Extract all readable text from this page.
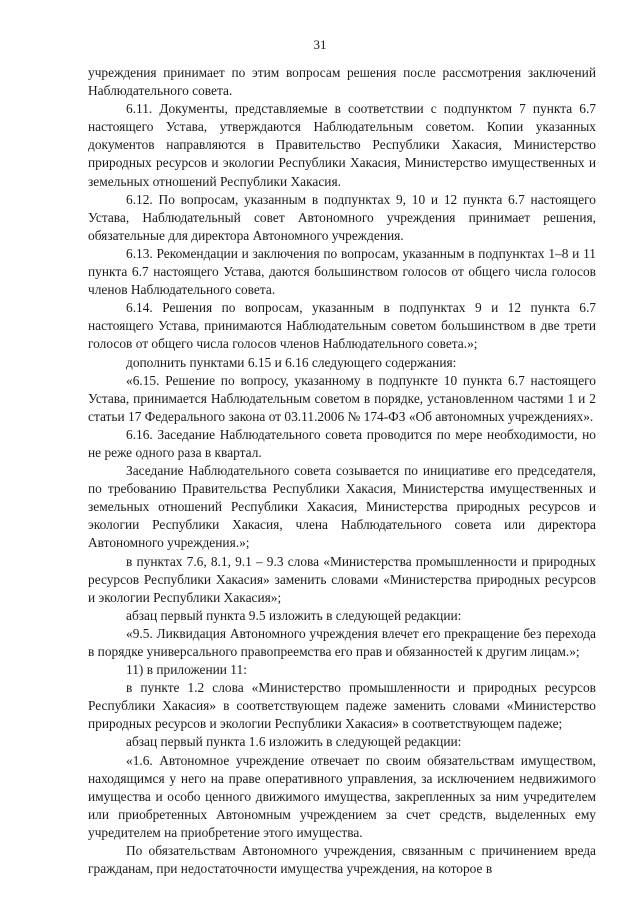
31

учреждения принимает по этим вопросам решения после рассмотрения заключений Наблюдательного совета.

6.11. Документы, представляемые в соответствии с подпунктом 7 пункта 6.7 настоящего Устава, утверждаются Наблюдательным советом. Копии указанных документов направляются в Правительство Республики Хакасия, Министерство природных ресурсов и экологии Республики Хакасия, Министерство имущественных и земельных отношений Республики Хакасия.

6.12. По вопросам, указанным в подпунктах 9, 10 и 12 пункта 6.7 настоящего Устава, Наблюдательный совет Автономного учреждения принимает решения, обязательные для директора Автономного учреждения.

6.13. Рекомендации и заключения по вопросам, указанным в подпунктах 1–8 и 11 пункта 6.7 настоящего Устава, даются большинством голосов от общего числа голосов членов Наблюдательного совета.

6.14. Решения по вопросам, указанным в подпунктах 9 и 12 пункта 6.7 настоящего Устава, принимаются Наблюдательным советом большинством в две трети голосов от общего числа голосов членов Наблюдательного совета.»;

дополнить пунктами 6.15 и 6.16 следующего содержания:

«6.15. Решение по вопросу, указанному в подпункте 10 пункта 6.7 настоящего Устава, принимается Наблюдательным советом в порядке, установленном частями 1 и 2 статьи 17 Федерального закона от 03.11.2006 № 174-ФЗ «Об автономных учреждениях».

6.16. Заседание Наблюдательного совета проводится по мере необходимости, но не реже одного раза в квартал.

Заседание Наблюдательного совета созывается по инициативе его председателя, по требованию Правительства Республики Хакасия, Министерства имущественных и земельных отношений Республики Хакасия, Министерства природных ресурсов и экологии Республики Хакасия, члена Наблюдательного совета или директора Автономного учреждения.»;

в пунктах 7.6, 8.1, 9.1 – 9.3 слова «Министерства промышленности и природных ресурсов Республики Хакасия» заменить словами «Министерства природных ресурсов и экологии Республики Хакасия»;

абзац первый пункта 9.5 изложить в следующей редакции:

«9.5. Ликвидация Автономного учреждения влечет его прекращение без перехода в порядке универсального правопреемства его прав и обязанностей к другим лицам.»;

11) в приложении 11:

в пункте 1.2 слова «Министерство промышленности и природных ресурсов Республики Хакасия» в соответствующем падеже заменить словами «Министерство природных ресурсов и экологии Республики Хакасия» в соответствующем падеже;

абзац первый пункта 1.6 изложить в следующей редакции:

«1.6. Автономное учреждение отвечает по своим обязательствам имуществом, находящимся у него на праве оперативного управления, за исключением недвижимого имущества и особо ценного движимого имущества, закрепленных за ним учредителем или приобретенных Автономным учреждением за счет средств, выделенных ему учредителем на приобретение этого имущества.

По обязательствам Автономного учреждения, связанным с причинением вреда гражданам, при недостаточности имущества учреждения, на которое в
